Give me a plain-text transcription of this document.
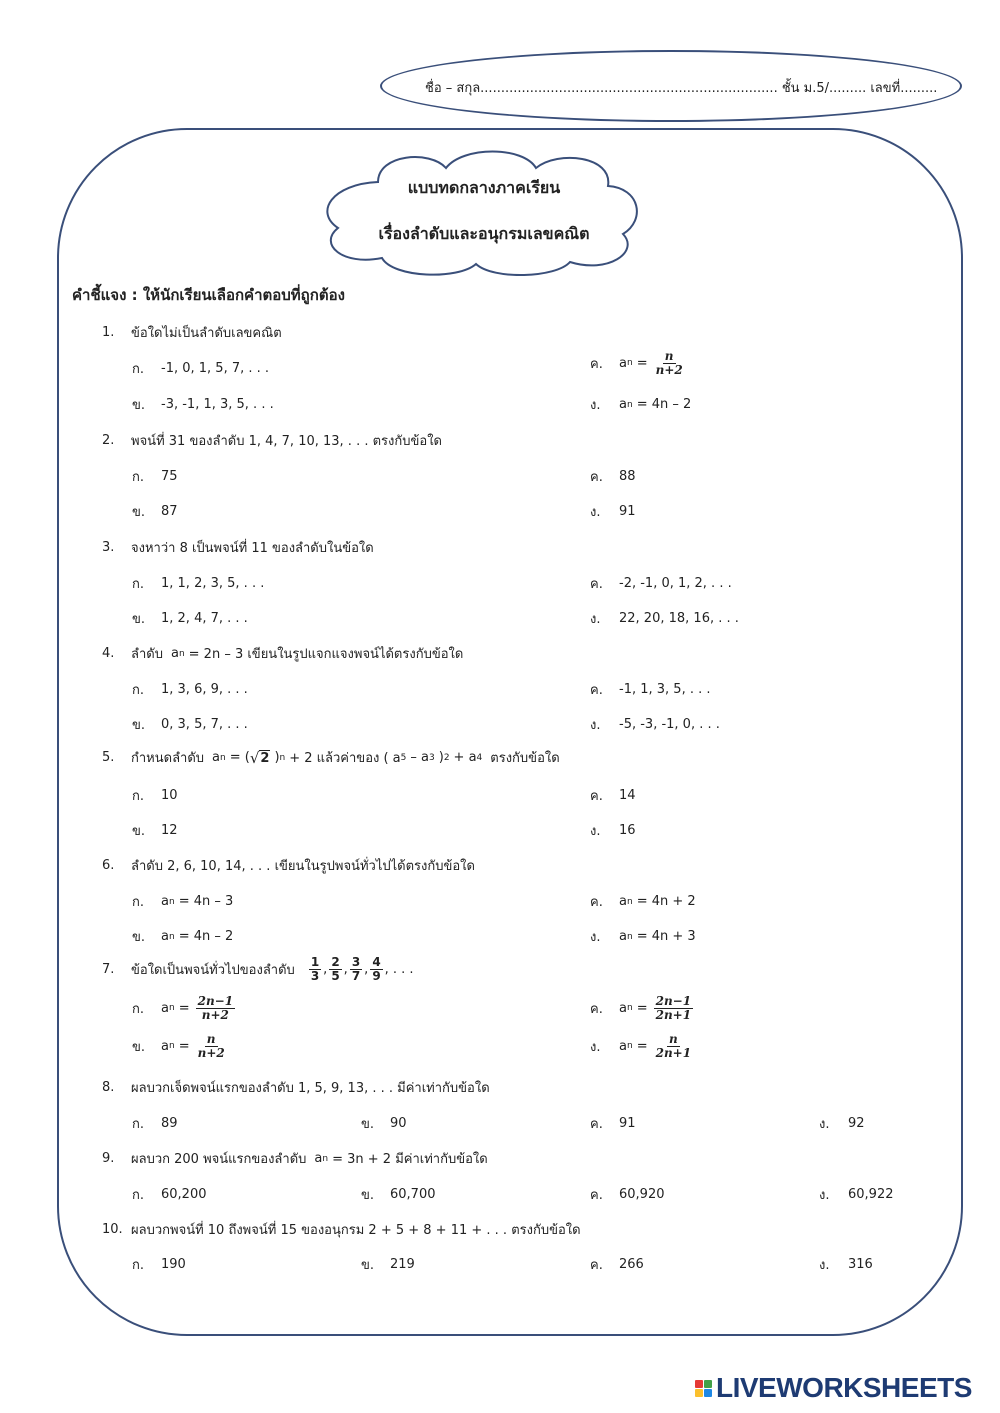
ชื่อ – สกุล........................................................................ ชั้น ม.5/......... เลขที่.........
แบบทดกลางภาคเรียน
เรื่องลำดับและอนุกรมเลขคณิต
คำชี้แจง : ให้นักเรียนเลือกคำตอบที่ถูกต้อง
1.	ข้อใดไม่เป็นลำดับเลขคณิต
ก.	-1, 0, 1, 5, 7, . . .
ข.	-3, -1, 1, 3, 5, . . .
ค.	a $n = \frac{n}{n+2}$
ง.	a n = 4n – 2
2.	พจน์ที่ 31 ของลำดับ 1, 4, 7, 10, 13, . . . ตรงกับข้อใด
ก.	75
ข.	87
ค.	88
ง.	91
3.	จงหาว่า 8 เป็นพจน์ที่ 11 ของลำดับในข้อใด
ก.	1, 1, 2, 3, 5, . . .
ข.	1, 2, 4, 7, . . .
ค.	-2, -1, 0, 1, 2, . . .
ง.	22, 20, 18, 16, . . .
4.	ลำดับ a n = 2n – 3 เขียนในรูปแจกแจงพจน์ได้ตรงกับข้อใด
ก.	1, 3, 6, 9, . . .
ข.	0, 3, 5, 7, . . .
ค.	-1, 1, 3, 5, . . .
ง.	-5, -3, -1, 0, . . .
5.	กำหนดลำดับ a n = ( √ 2 ) n + 2 แล้วค่าของ ( a 5 – a 3 ) 2 + a 4 ตรงกับข้อใด
ก.	10
ข.	12
ค.	14
ง.	16
6.	ลำดับ 2, 6, 10, 14, . . . เขียนในรูปพจน์ทั่วไปได้ตรงกับข้อใด
ก.	a n = 4n – 3
ข.	a n = 4n – 2
ค.	a n = 4n + 2
ง.	a n = 4n + 3
7.	ข้อใดเป็นพจน์ทั่วไปของลำดับ $\frac{1}{3}$ , $\frac{2}{5}$ , $\frac{3}{7}$ , $\frac{4}{9}$ , . . .
ก.	a $n = \frac{2n-1}{n+2}$
ข.	a $n = \frac{n}{n+2}$
ค.	a $n = \frac{2n-1}{2n+1}$
ง.	a $n = \frac{n}{2n+1}$
8.	ผลบวกเจ็ดพจน์แรกของลำดับ 1, 5, 9, 13, . . . มีค่าเท่ากับข้อใด
ก.	89	ข.	90	ค.	91	ง.	92
9.	ผลบวก 200 พจน์แรกของลำดับ a n = 3n + 2 มีค่าเท่ากับข้อใด
ก.	60,200	ข.	60,700	ค.	60,920	ง.	60,922
10. ผลบวกพจน์ที่ 10 ถึงพจน์ที่ 15 ของอนุกรม 2 + 5 + 8 + 11 + . . . ตรงกับข้อใด
ก.	190	ข.	219	ค.	266	ง.	316
LIVEWORKSHEETS
